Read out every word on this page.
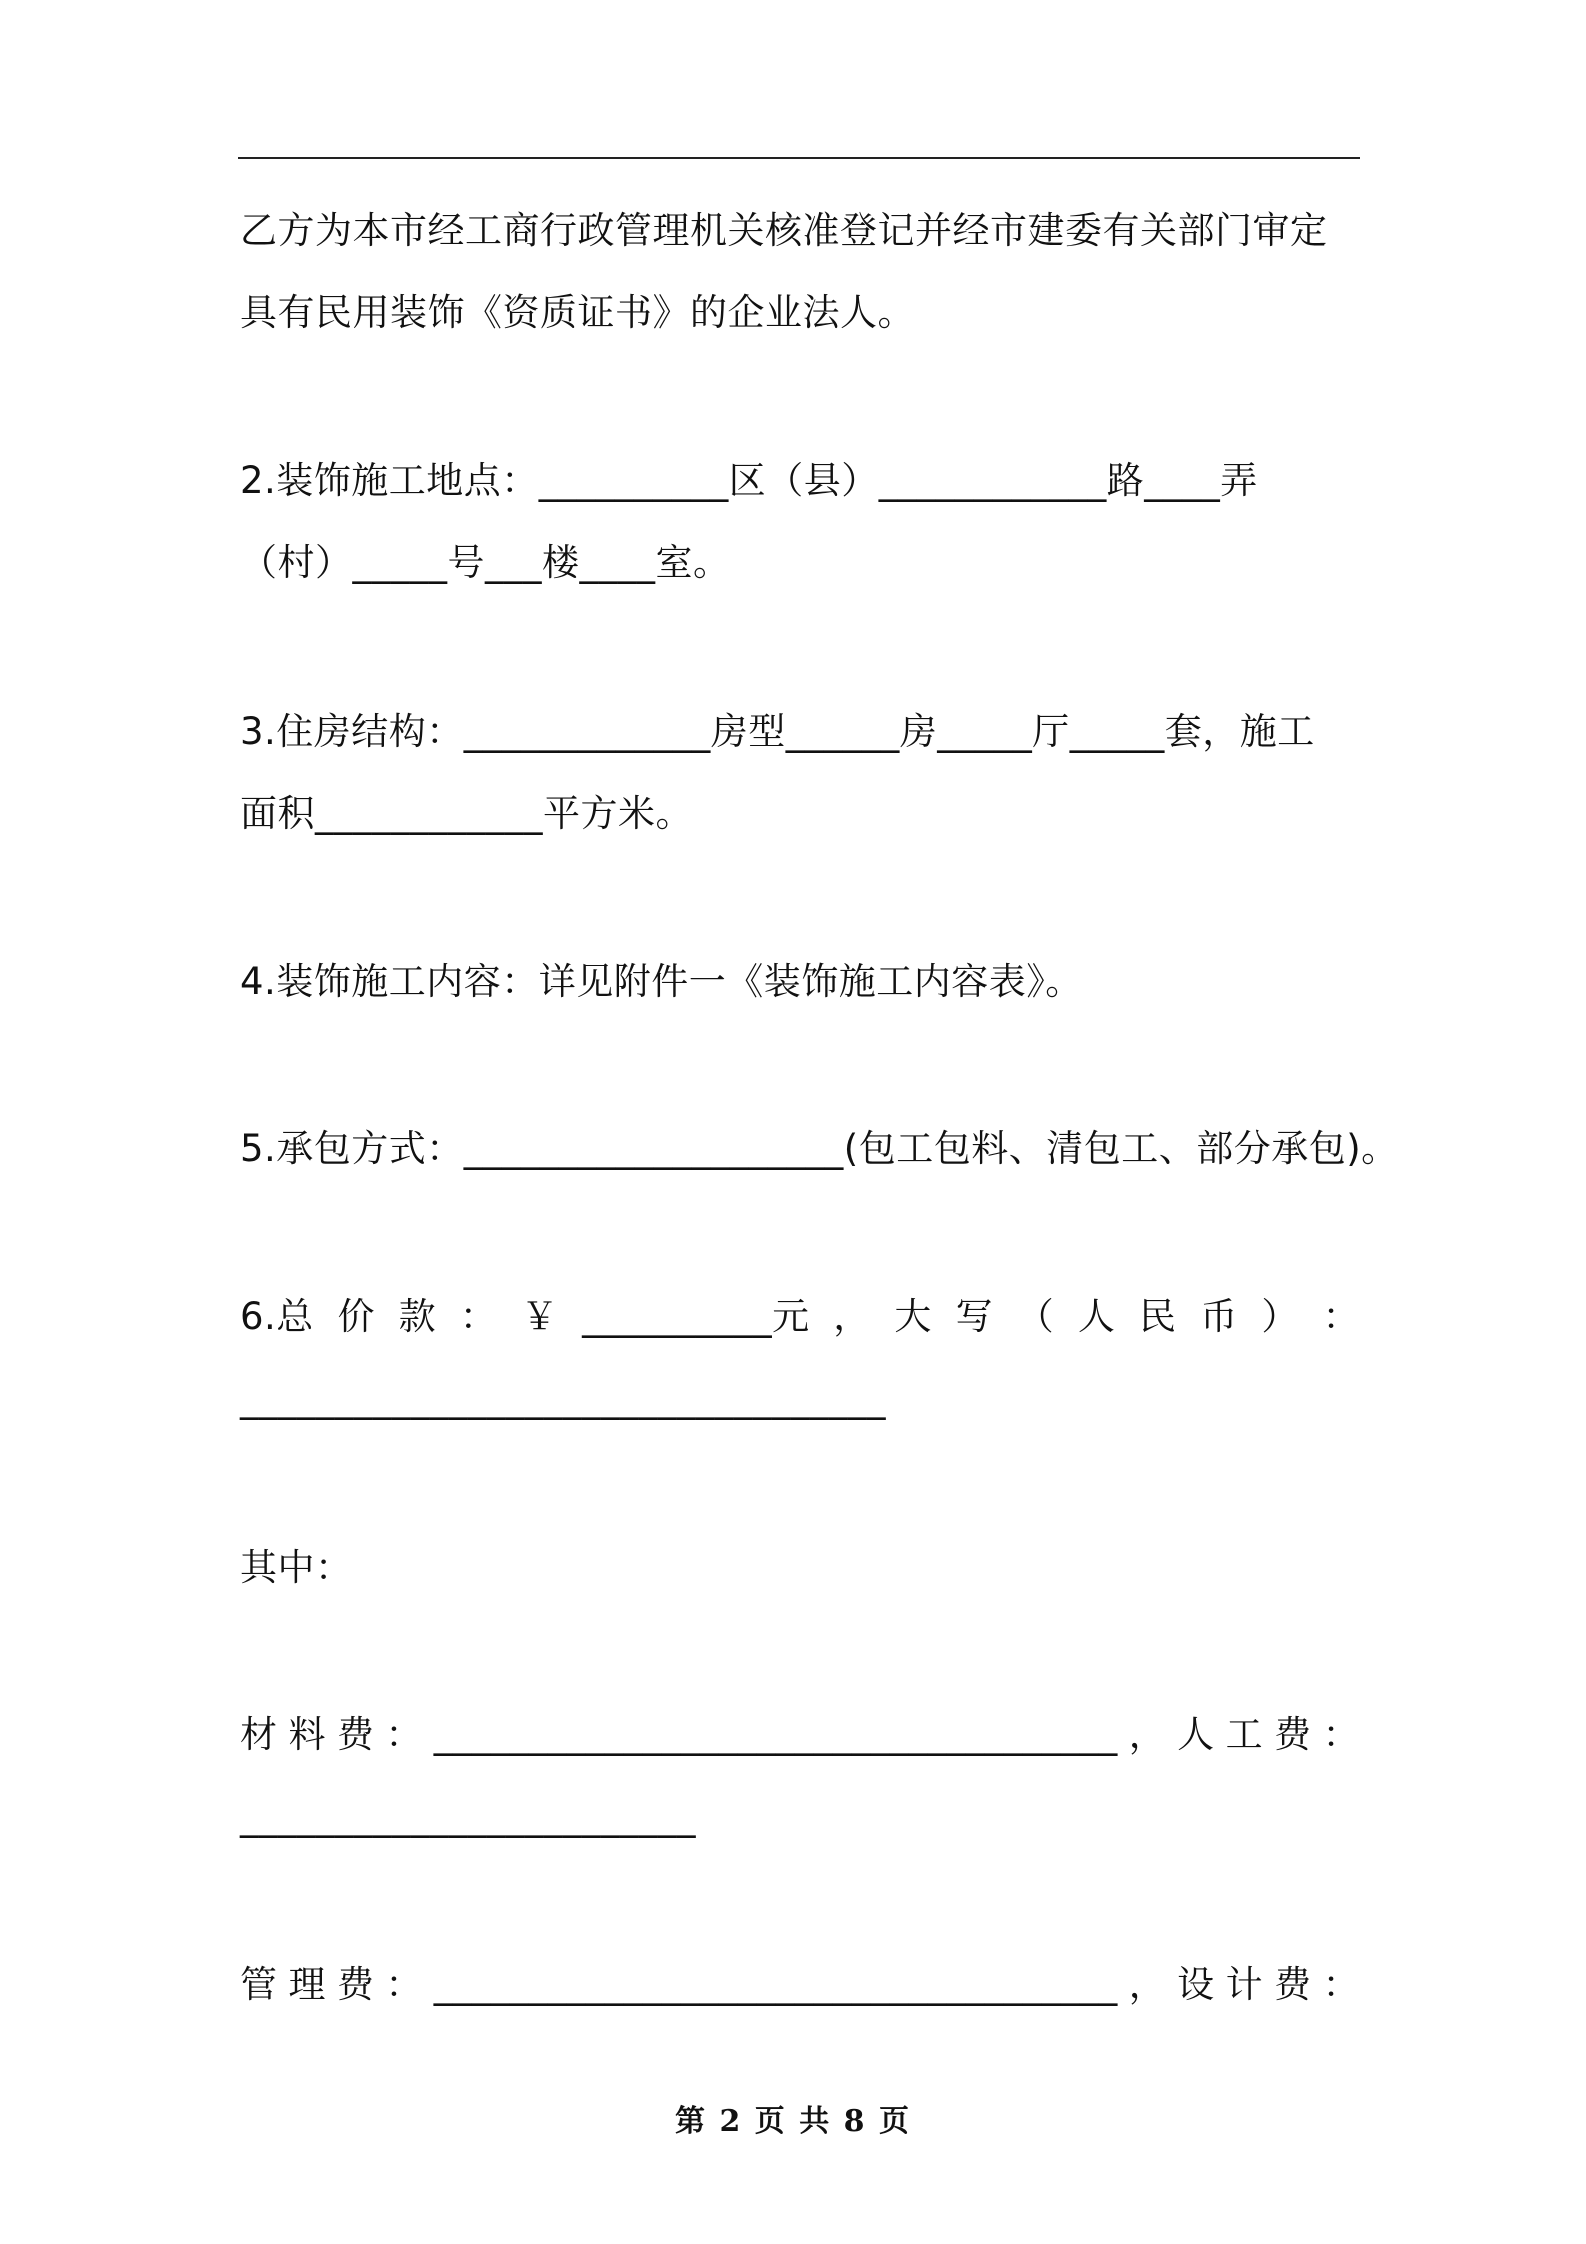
乙方为本市经工商行政管理机关核准登记并经市建委有关部门审定
具有民用装饰《资质证书》的企业法人。
2.装饰施工地点：__________区（县）____________路____弄
（村）_____号___楼____室。
3.住房结构：_____________房型______房_____厅_____套，施工
面积____________平方米。
4.装饰施工内容：详见附件一《装饰施工内容表》。
5.承包方式：____________________(包工包料、清包工、部分承包)。
6.总 价 款 ： ￥ __________元 ， 大 写 （ 人 民 币 ） ：
__________________________________
其中：
材 料 费 ： ____________________________________ ， 人 工 费 ：
________________________
管 理 费 ： ____________________________________ ， 设 计 费 ：
第 2 页 共 8 页
